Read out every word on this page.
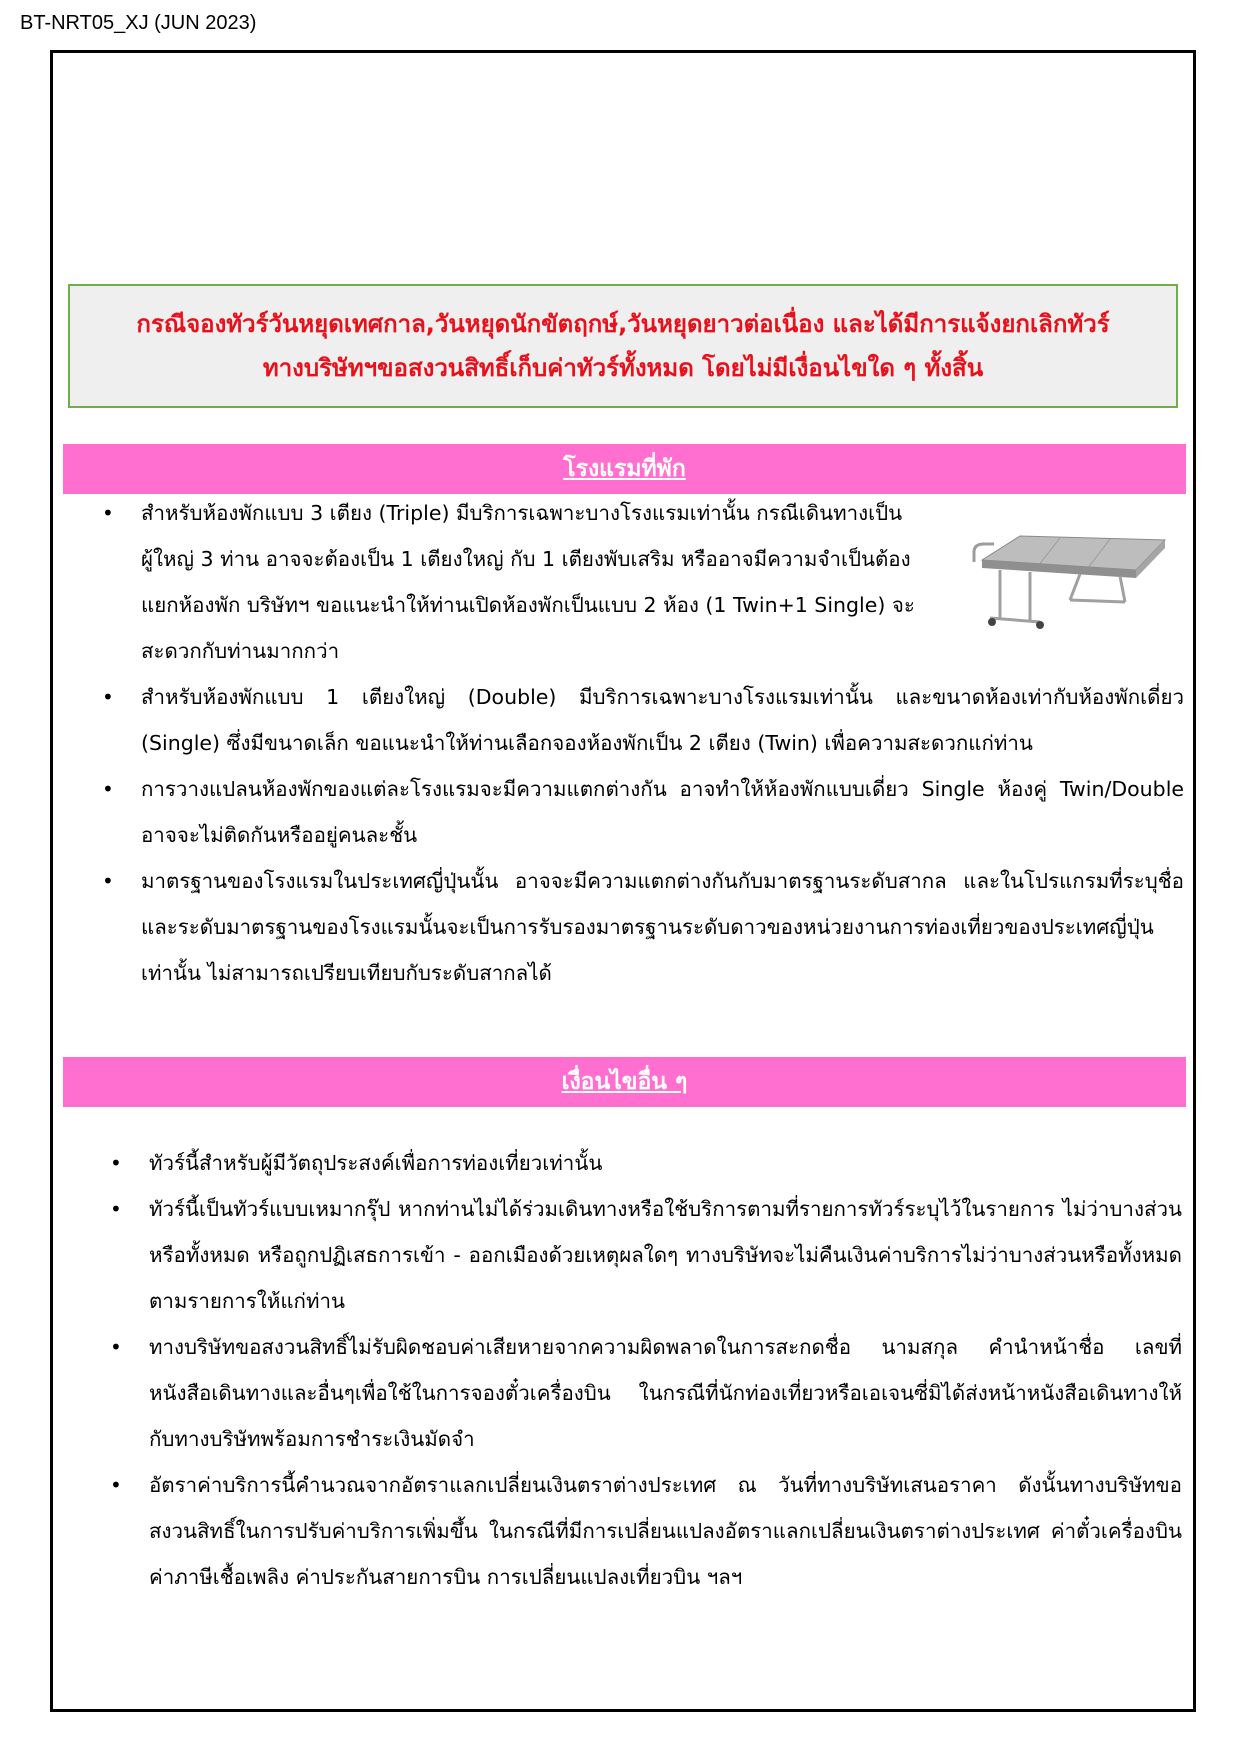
BT-NRT05_XJ (JUN 2023)
กรณีจองทัวร์วันหยุดเทศกาล,วันหยุดนักขัตฤกษ์,วันหยุดยาวต่อเนื่อง และได้มีการแจ้งยกเลิกทัวร์
ทางบริษัทฯขอสงวนสิทธิ์เก็บค่าทัวร์ทั้งหมด โดยไม่มีเงื่อนไขใด ๆ ทั้งสิ้น
โรงแรมที่พัก
• สำหรับห้องพักแบบ 3 เตียง (Triple) มีบริการเฉพาะบางโรงแรมเท่านั้น กรณีเดินทางเป็นผู้ใหญ่ 3 ท่าน อาจจะต้องเป็น 1 เตียงใหญ่ กับ 1 เตียงพับเสริม หรืออาจมีความจำเป็นต้องแยกห้องพัก บริษัทฯ ขอแนะนำให้ท่านเปิดห้องพักเป็นแบบ 2 ห้อง (1 Twin+1 Single) จะสะดวกกับท่านมากกว่า
• สำหรับห้องพักแบบ 1 เตียงใหญ่ (Double) มีบริการเฉพาะบางโรงแรมเท่านั้น และขนาดห้องเท่ากับห้องพักเดี่ยว (Single) ซึ่งมีขนาดเล็ก ขอแนะนำให้ท่านเลือกจองห้องพักเป็น 2 เตียง (Twin) เพื่อความสะดวกแก่ท่าน
• การวางแปลนห้องพักของแต่ละโรงแรมจะมีความแตกต่างกัน อาจทำให้ห้องพักแบบเดี่ยว Single ห้องคู่ Twin/Double อาจจะไม่ติดกันหรืออยู่คนละชั้น
• มาตรฐานของโรงแรมในประเทศญี่ปุ่นนั้น อาจจะมีความแตกต่างกันกับมาตรฐานระดับสากล และในโปรแกรมที่ระบุชื่อและระดับมาตรฐานของโรงแรมนั้นจะเป็นการรับรองมาตรฐานระดับดาวของหน่วยงานการท่องเที่ยวของประเทศญี่ปุ่นเท่านั้น ไม่สามารถเปรียบเทียบกับระดับสากลได้
เงื่อนไขอื่น ๆ
• ทัวร์นี้สำหรับผู้มีวัตถุประสงค์เพื่อการท่องเที่ยวเท่านั้น
• ทัวร์นี้เป็นทัวร์แบบเหมากรุ๊ป หากท่านไม่ได้ร่วมเดินทางหรือใช้บริการตามที่รายการทัวร์ระบุไว้ในรายการ ไม่ว่าบางส่วนหรือทั้งหมด หรือถูกปฏิเสธการเข้า - ออกเมืองด้วยเหตุผลใดๆ ทางบริษัทจะไม่คืนเงินค่าบริการไม่ว่าบางส่วนหรือทั้งหมดตามรายการให้แก่ท่าน
• ทางบริษัทขอสงวนสิทธิ์ไม่รับผิดชอบค่าเสียหายจากความผิดพลาดในการสะกดชื่อ นามสกุล คำนำหน้าชื่อ เลขที่หนังสือเดินทางและอื่นๆเพื่อใช้ในการจองตั๋วเครื่องบิน ในกรณีที่นักท่องเที่ยวหรือเอเจนซี่มิได้ส่งหน้าหนังสือเดินทางให้กับทางบริษัทพร้อมการชำระเงินมัดจำ
• อัตราค่าบริการนี้คำนวณจากอัตราแลกเปลี่ยนเงินตราต่างประเทศ ณ วันที่ทางบริษัทเสนอราคา ดังนั้นทางบริษัทขอสงวนสิทธิ์ในการปรับค่าบริการเพิ่มขึ้น ในกรณีที่มีการเปลี่ยนแปลงอัตราแลกเปลี่ยนเงินตราต่างประเทศ ค่าตั๋วเครื่องบิน ค่าภาษีเชื้อเพลิง ค่าประกันสายการบิน การเปลี่ยนแปลงเที่ยวบิน ฯลฯ
